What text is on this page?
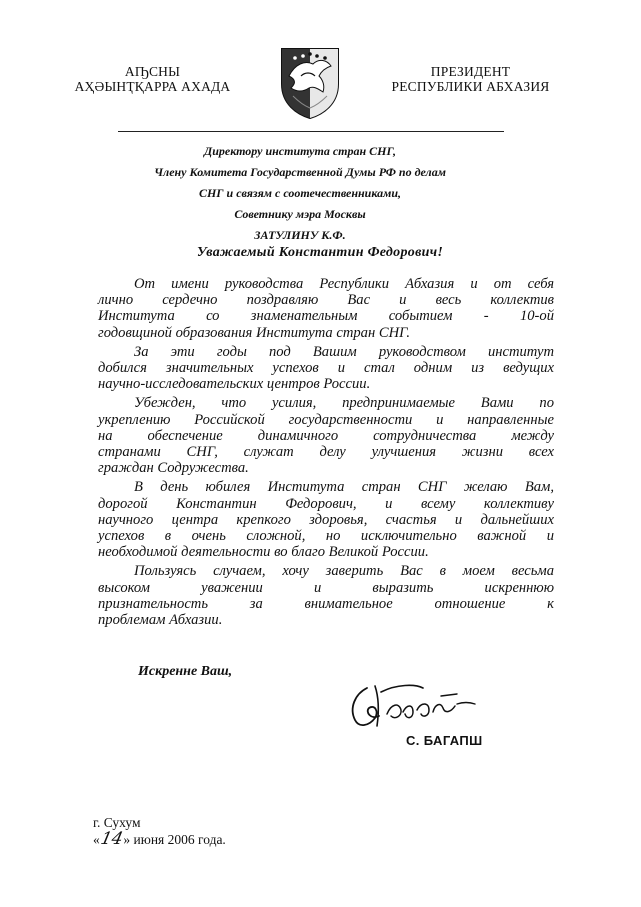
АҦСНЫ
АҲӘЫНҬҚАРРА АХАДА
ПРЕЗИДЕНТ
РЕСПУБЛИКИ АБХАЗИЯ
Директору института стран СНГ,
Члену Комитета Государственной Думы РФ по делам
СНГ и связям с соотечественниками,
Советнику мэра Москвы
ЗАТУЛИНУ К.Ф.
Уважаемый Константин Федорович!
От имени руководства Республики Абхазия и от себя
лично сердечно поздравляю Вас и весь коллектив
Института со знаменательным событием - 10-ой
годовщиной образования Института стран СНГ.
За эти годы под Вашим руководством институт
добился значительных успехов и стал одним из ведущих
научно-исследовательских центров России.
Убежден, что усилия, предпринимаемые Вами по
укреплению Российской государственности и направленные
на обеспечение динамичного сотрудничества между
странами СНГ, служат делу улучшения жизни всех
граждан Содружества.
В день юбилея Института стран СНГ желаю Вам,
дорогой Константин Федорович, и всему коллективу
научного центра крепкого здоровья, счастья и дальнейших
успехов в очень сложной, но исключительно важной и
необходимой деятельности во благо Великой России.
Пользуясь случаем, хочу заверить Вас в моем весьма
высоком уважении и выразить искреннюю
признательность за внимательное отношение к
проблемам Абхазии.
Искренне Ваш,
С. БАГАПШ
г. Сухум
«14» июня 2006 года.
